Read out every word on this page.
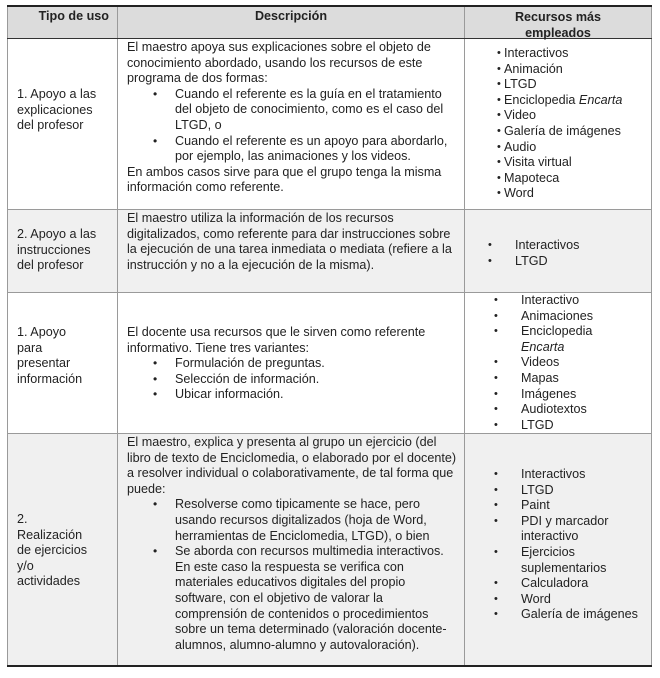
Tipo de uso	Descripción	Recursos más
empleados
1. Apoyo a las
explicaciones
del profesor

El maestro apoya sus explicaciones sobre el objeto de conocimiento abordado, usando los recursos de este programa de dos formas:

• Cuando el referente es la guía en el tratamiento del objeto de conocimiento, como es el caso del LTGD, o
• Cuando el referente es un apoyo para abordarlo, por ejemplo, las animaciones y los videos.

En ambos casos sirve para que el grupo tenga la misma información como referente.

• Interactivos
• Animación
• LTGD
• Enciclopedia Encarta
• Video
• Galería de imágenes
• Audio
• Visita virtual
• Mapoteca
• Word
2. Apoyo a las
instrucciones
del profesor

El maestro utiliza la información de los recursos digitalizados, como referente para dar instrucciones sobre la ejecución de una tarea inmediata o mediata (refiere a la instrucción y no a la ejecución de la misma).

• Interactivos
• LTGD
1. Apoyo
para
presentar
información

El docente usa recursos que le sirven como referente informativo. Tiene tres variantes:

• Formulación de preguntas.
• Selección de información.
• Ubicar información.
• Interactivo
• Animaciones
• Enciclopedia
Encarta
• Videos
• Mapas
• Imágenes
• Audiotextos
• LTGD
2.
Realización
de ejercicios
y/o
actividades

El maestro, explica y presenta al grupo un ejercicio (del libro de texto de Enciclomedia, o elaborado por el docente) a resolver individual o colaborativamente, de tal forma que puede:

• Resolverse como tipicamente se hace, pero usando recursos digitalizados (hoja de Word, herramientas de Enciclomedia, LTGD), o bien
• Se aborda con recursos multimedia interactivos. En este caso la respuesta se verifica con materiales educativos digitales del propio software, con el objetivo de valorar la comprensión de contenidos o procedimientos sobre un tema determinado (valoración docente-alumnos, alumno-alumno y autovaloración).
• Interactivos
• LTGD
• Paint
• PDI y marcador interactivo
• Ejercicios suplementarios
• Calculadora
• Word
• Galería de imágenes
